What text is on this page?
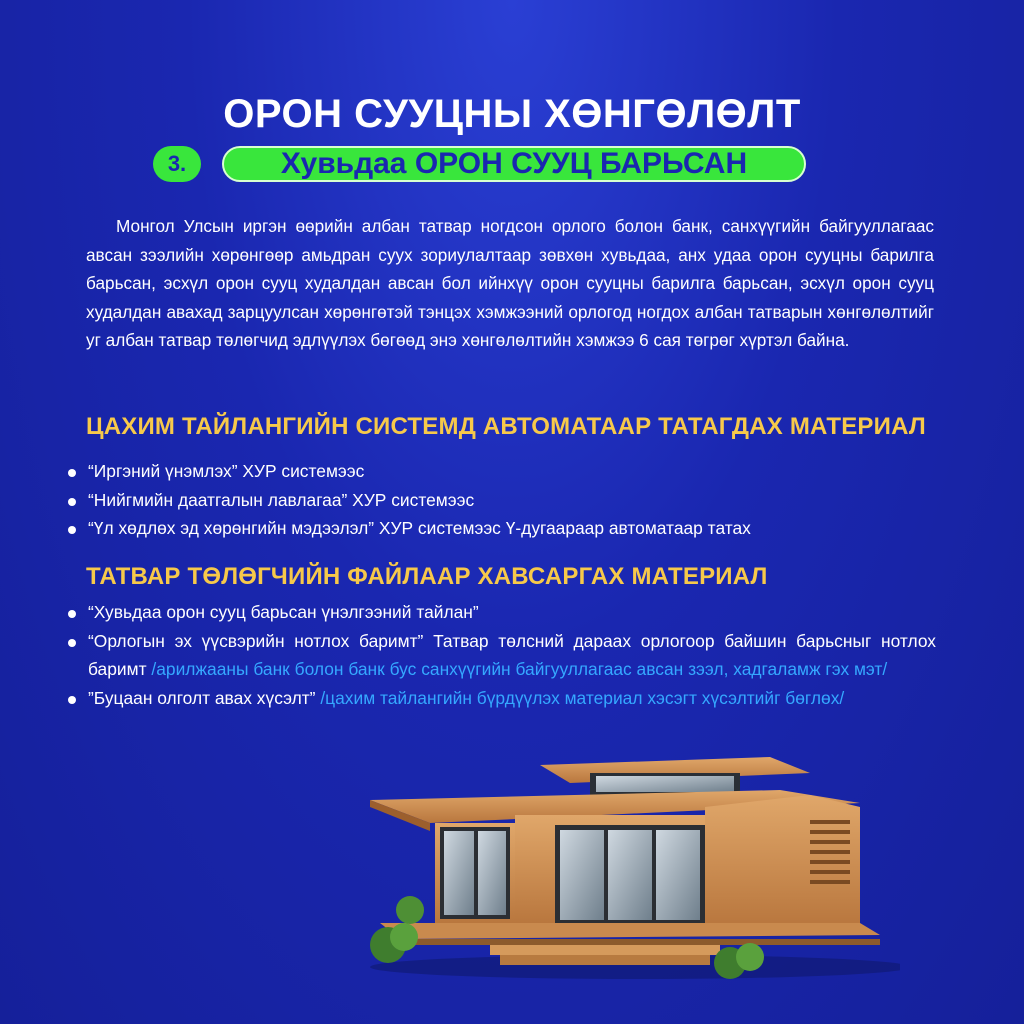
ОРОН СУУЦНЫ ХӨНГӨЛӨЛТ
3.	Хувьдаа ОРОН СУУЦ БАРЬСАН
Монгол Улсын иргэн өөрийн албан татвар ногдсон орлого болон банк, санхүүгийн байгууллагаас авсан зээлийн хөрөнгөөр амьдран суух зориулалтаар зөвхөн хувьдаа, анх удаа орон сууцны барилга барьсан, эсхүл орон сууц худалдан авсан бол ийнхүү орон сууцны барилга барьсан, эсхүл орон сууц худалдан авахад зарцуулсан хөрөнгөтэй тэнцэх хэмжээний орлогод ногдох албан татварын хөнгөлөлтийг уг албан татвар төлөгчид эдлүүлэх бөгөөд энэ хөнгөлөлтийн хэмжээ 6 сая төгрөг хүртэл байна.
ЦАХИМ ТАЙЛАНГИЙН СИСТЕМД АВТОМАТААР ТАТАГДАХ МАТЕРИАЛ
“Иргэний үнэмлэх” ХУР системээс
“Нийгмийн даатгалын лавлагаа” ХУР системээс
“Үл хөдлөх эд хөрөнгийн мэдээлэл” ХУР системээс Ү-дугаараар автоматаар татах
ТАТВАР ТӨЛӨГЧИЙН ФАЙЛААР ХАВСАРГАХ МАТЕРИАЛ
“Хувьдаа орон сууц барьсан үнэлгээний тайлан”
“Орлогын эх үүсвэрийн нотлох баримт” Татвар төлсний дараах орлогоор байшин барьсныг нотлох баримт /арилжааны банк болон банк бус санхүүгийн байгууллагаас авсан зээл, хадгаламж гэх мэт/
”Буцаан олголт авах хүсэлт” /цахим тайлангийн бүрдүүлэх материал хэсэгт хүсэлтийг бөглөх/
